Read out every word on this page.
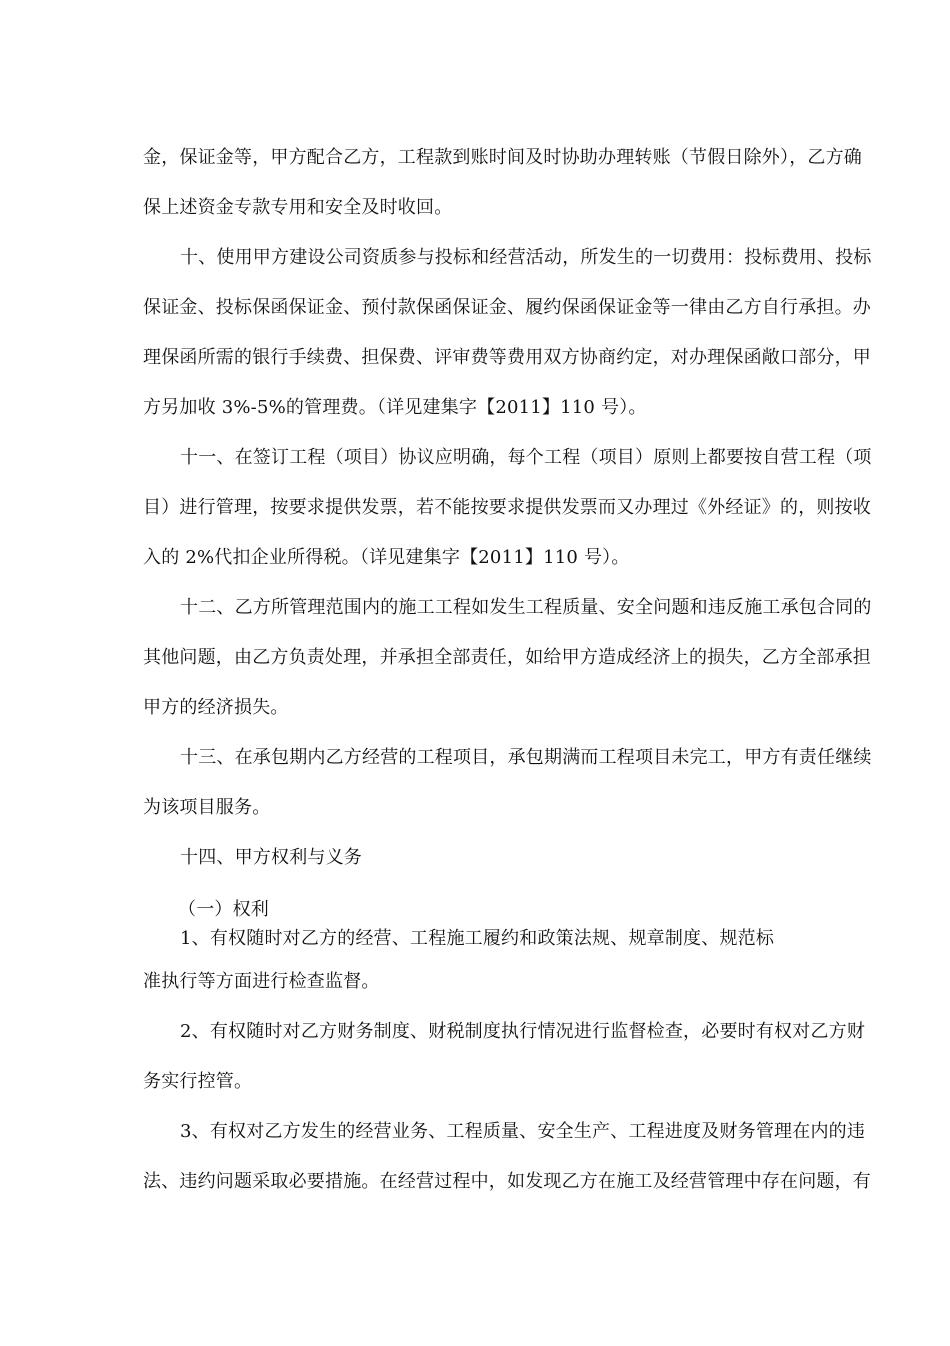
金，保证金等，甲方配合乙方，工程款到账时间及时协助办理转账（节假日除外），乙方确
保上述资金专款专用和安全及时收回。
十、使用甲方建设公司资质参与投标和经营活动，所发生的一切费用：投标费用、投标
保证金、投标保函保证金、预付款保函保证金、履约保函保证金等一律由乙方自行承担。办
理保函所需的银行手续费、担保费、评审费等费用双方协商约定，对办理保函敞口部分，甲
方另加收 3%-5%的管理费。（详见建集字【2011】110 号）。
十一、在签订工程（项目）协议应明确，每个工程（项目）原则上都要按自营工程（项
目）进行管理，按要求提供发票，若不能按要求提供发票而又办理过《外经证》的，则按收
入的 2%代扣企业所得税。（详见建集字【2011】110 号）。
十二、乙方所管理范围内的施工工程如发生工程质量、安全问题和违反施工承包合同的
其他问题，由乙方负责处理，并承担全部责任，如给甲方造成经济上的损失，乙方全部承担
甲方的经济损失。
十三、在承包期内乙方经营的工程项目，承包期满而工程项目未完工，甲方有责任继续
为该项目服务。
十四、甲方权利与义务
（一）权利
1、有权随时对乙方的经营、工程施工履约和政策法规、规章制度、规范标
准执行等方面进行检查监督。
2、有权随时对乙方财务制度、财税制度执行情况进行监督检查，必要时有权对乙方财
务实行控管。
3、有权对乙方发生的经营业务、工程质量、安全生产、工程进度及财务管理在内的违
法、违约问题采取必要措施。在经营过程中，如发现乙方在施工及经营管理中存在问题，有
